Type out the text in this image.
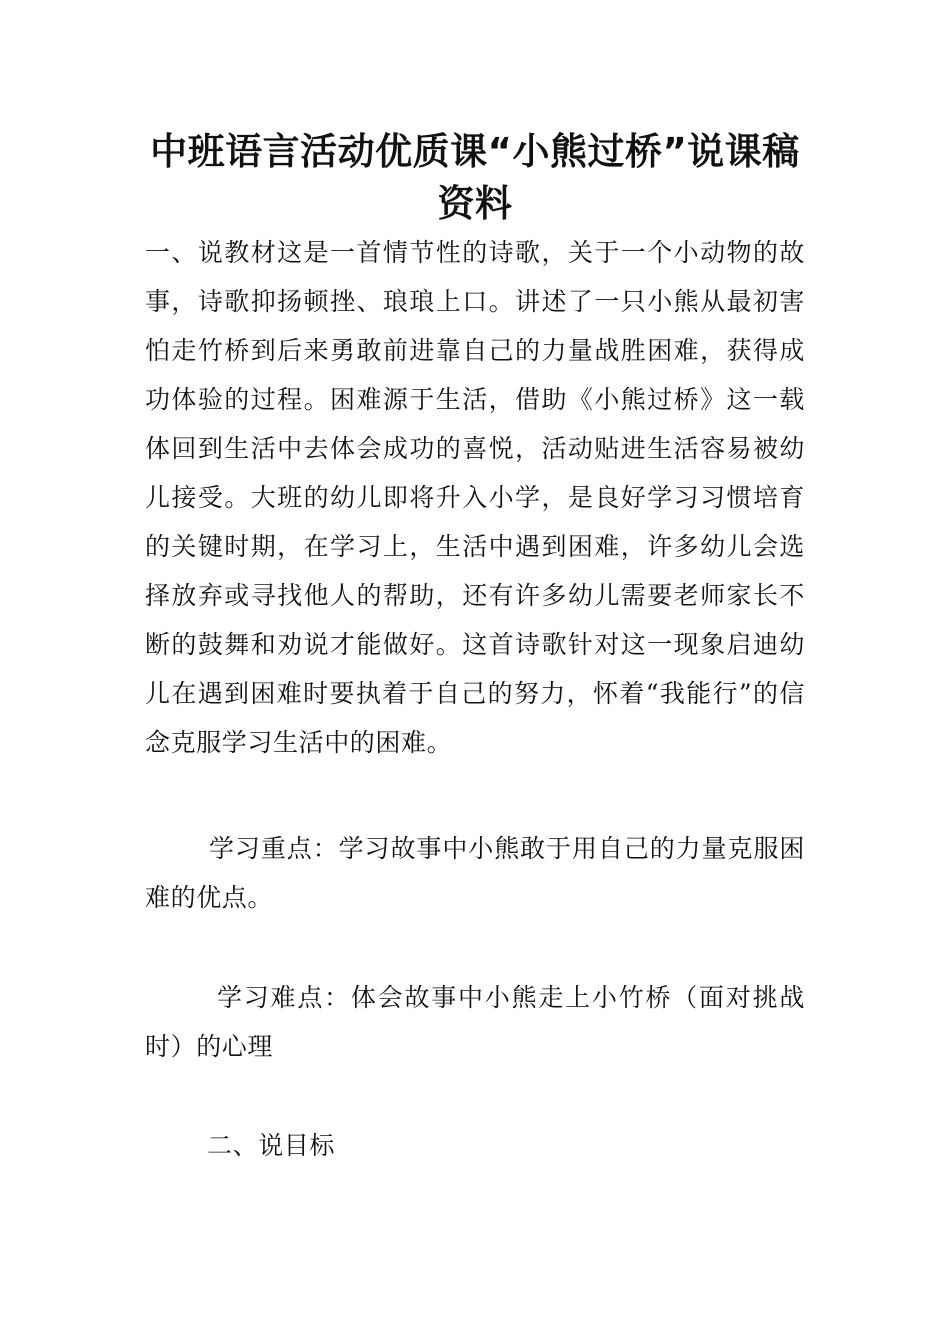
中班语言活动优质课“小熊过桥”说课稿资料

一、说教材这是一首情节性的诗歌，关于一个小动物的故事，诗歌抑扬顿挫、琅琅上口。讲述了一只小熊从最初害怕走竹桥到后来勇敢前进靠自己的力量战胜困难，获得成功体验的过程。困难源于生活，借助《小熊过桥》这一载体回到生活中去体会成功的喜悦，活动贴进生活容易被幼儿接受。大班的幼儿即将升入小学，是良好学习习惯培育的关键时期，在学习上，生活中遇到困难，许多幼儿会选择放弃或寻找他人的帮助，还有许多幼儿需要老师家长不断的鼓舞和劝说才能做好。这首诗歌针对这一现象启迪幼儿在遇到困难时要执着于自己的努力，怀着“我能行”的信念克服学习生活中的困难。

学习重点：学习故事中小熊敢于用自己的力量克服困难的优点。

学习难点：体会故事中小熊走上小竹桥（面对挑战时）的心理

二、说目标
